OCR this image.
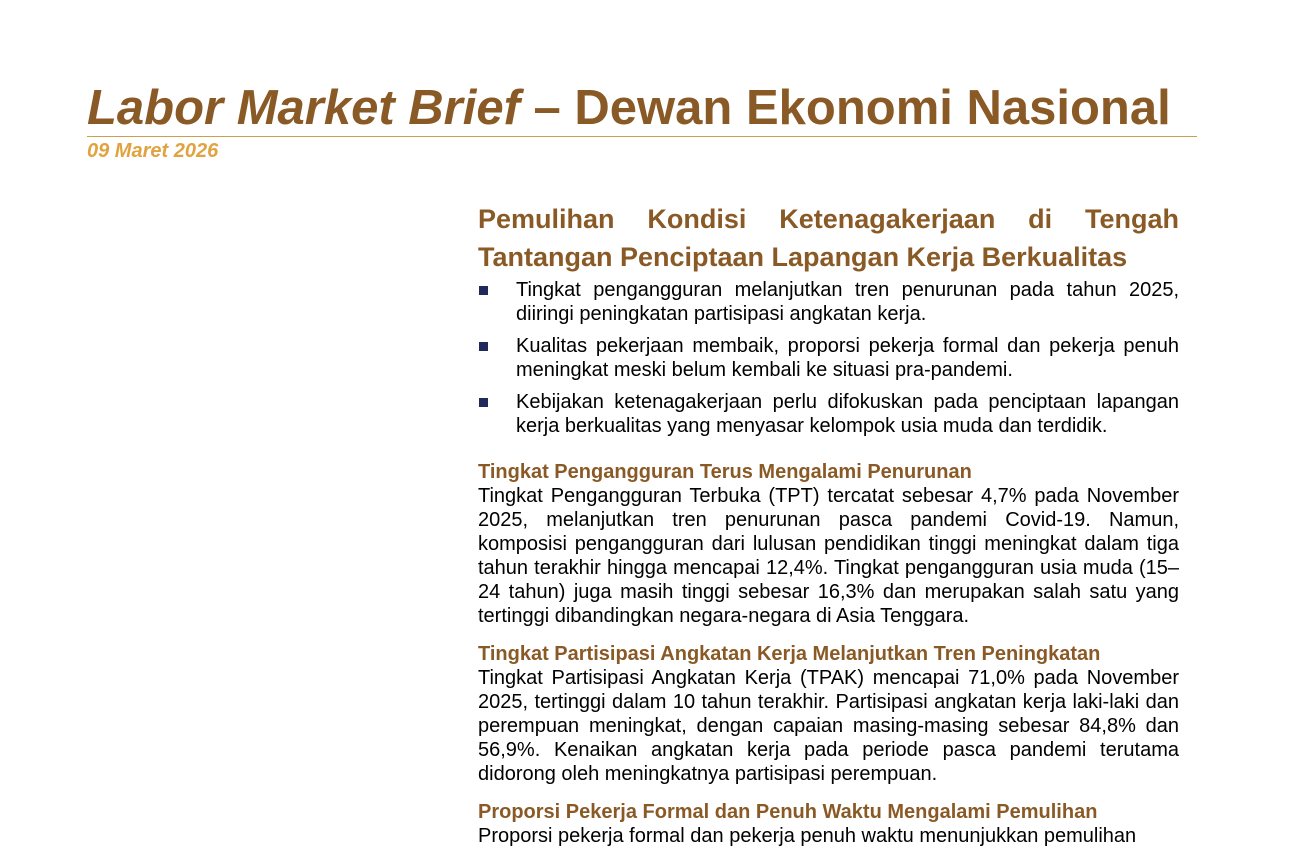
Labor Market Brief – Dewan Ekonomi Nasional
09 Maret 2026
Pemulihan Kondisi Ketenagakerjaan di Tengah
Tantangan Penciptaan Lapangan Kerja Berkualitas
Tingkat pengangguran melanjutkan tren penurunan pada tahun 2025, diiringi peningkatan partisipasi angkatan kerja.
Kualitas pekerjaan membaik, proporsi pekerja formal dan pekerja penuh meningkat meski belum kembali ke situasi pra-pandemi.
Kebijakan ketenagakerjaan perlu difokuskan pada penciptaan lapangan kerja berkualitas yang menyasar kelompok usia muda dan terdidik.
Tingkat Pengangguran Terus Mengalami Penurunan

Tingkat Pengangguran Terbuka (TPT) tercatat sebesar 4,7% pada November 2025, melanjutkan tren penurunan pasca pandemi Covid-19. Namun, komposisi pengangguran dari lulusan pendidikan tinggi meningkat dalam tiga tahun terakhir hingga mencapai 12,4%. Tingkat pengangguran usia muda (15–24 tahun) juga masih tinggi sebesar 16,3% dan merupakan salah satu yang tertinggi dibandingkan negara-negara di Asia Tenggara.

Tingkat Partisipasi Angkatan Kerja Melanjutkan Tren Peningkatan

Tingkat Partisipasi Angkatan Kerja (TPAK) mencapai 71,0% pada November 2025, tertinggi dalam 10 tahun terakhir. Partisipasi angkatan kerja laki-laki dan perempuan meningkat, dengan capaian masing-masing sebesar 84,8% dan 56,9%. Kenaikan angkatan kerja pada periode pasca pandemi terutama didorong oleh meningkatnya partisipasi perempuan.

Proporsi Pekerja Formal dan Penuh Waktu Mengalami Pemulihan

Proporsi pekerja formal dan pekerja penuh waktu menunjukkan pemulihan
